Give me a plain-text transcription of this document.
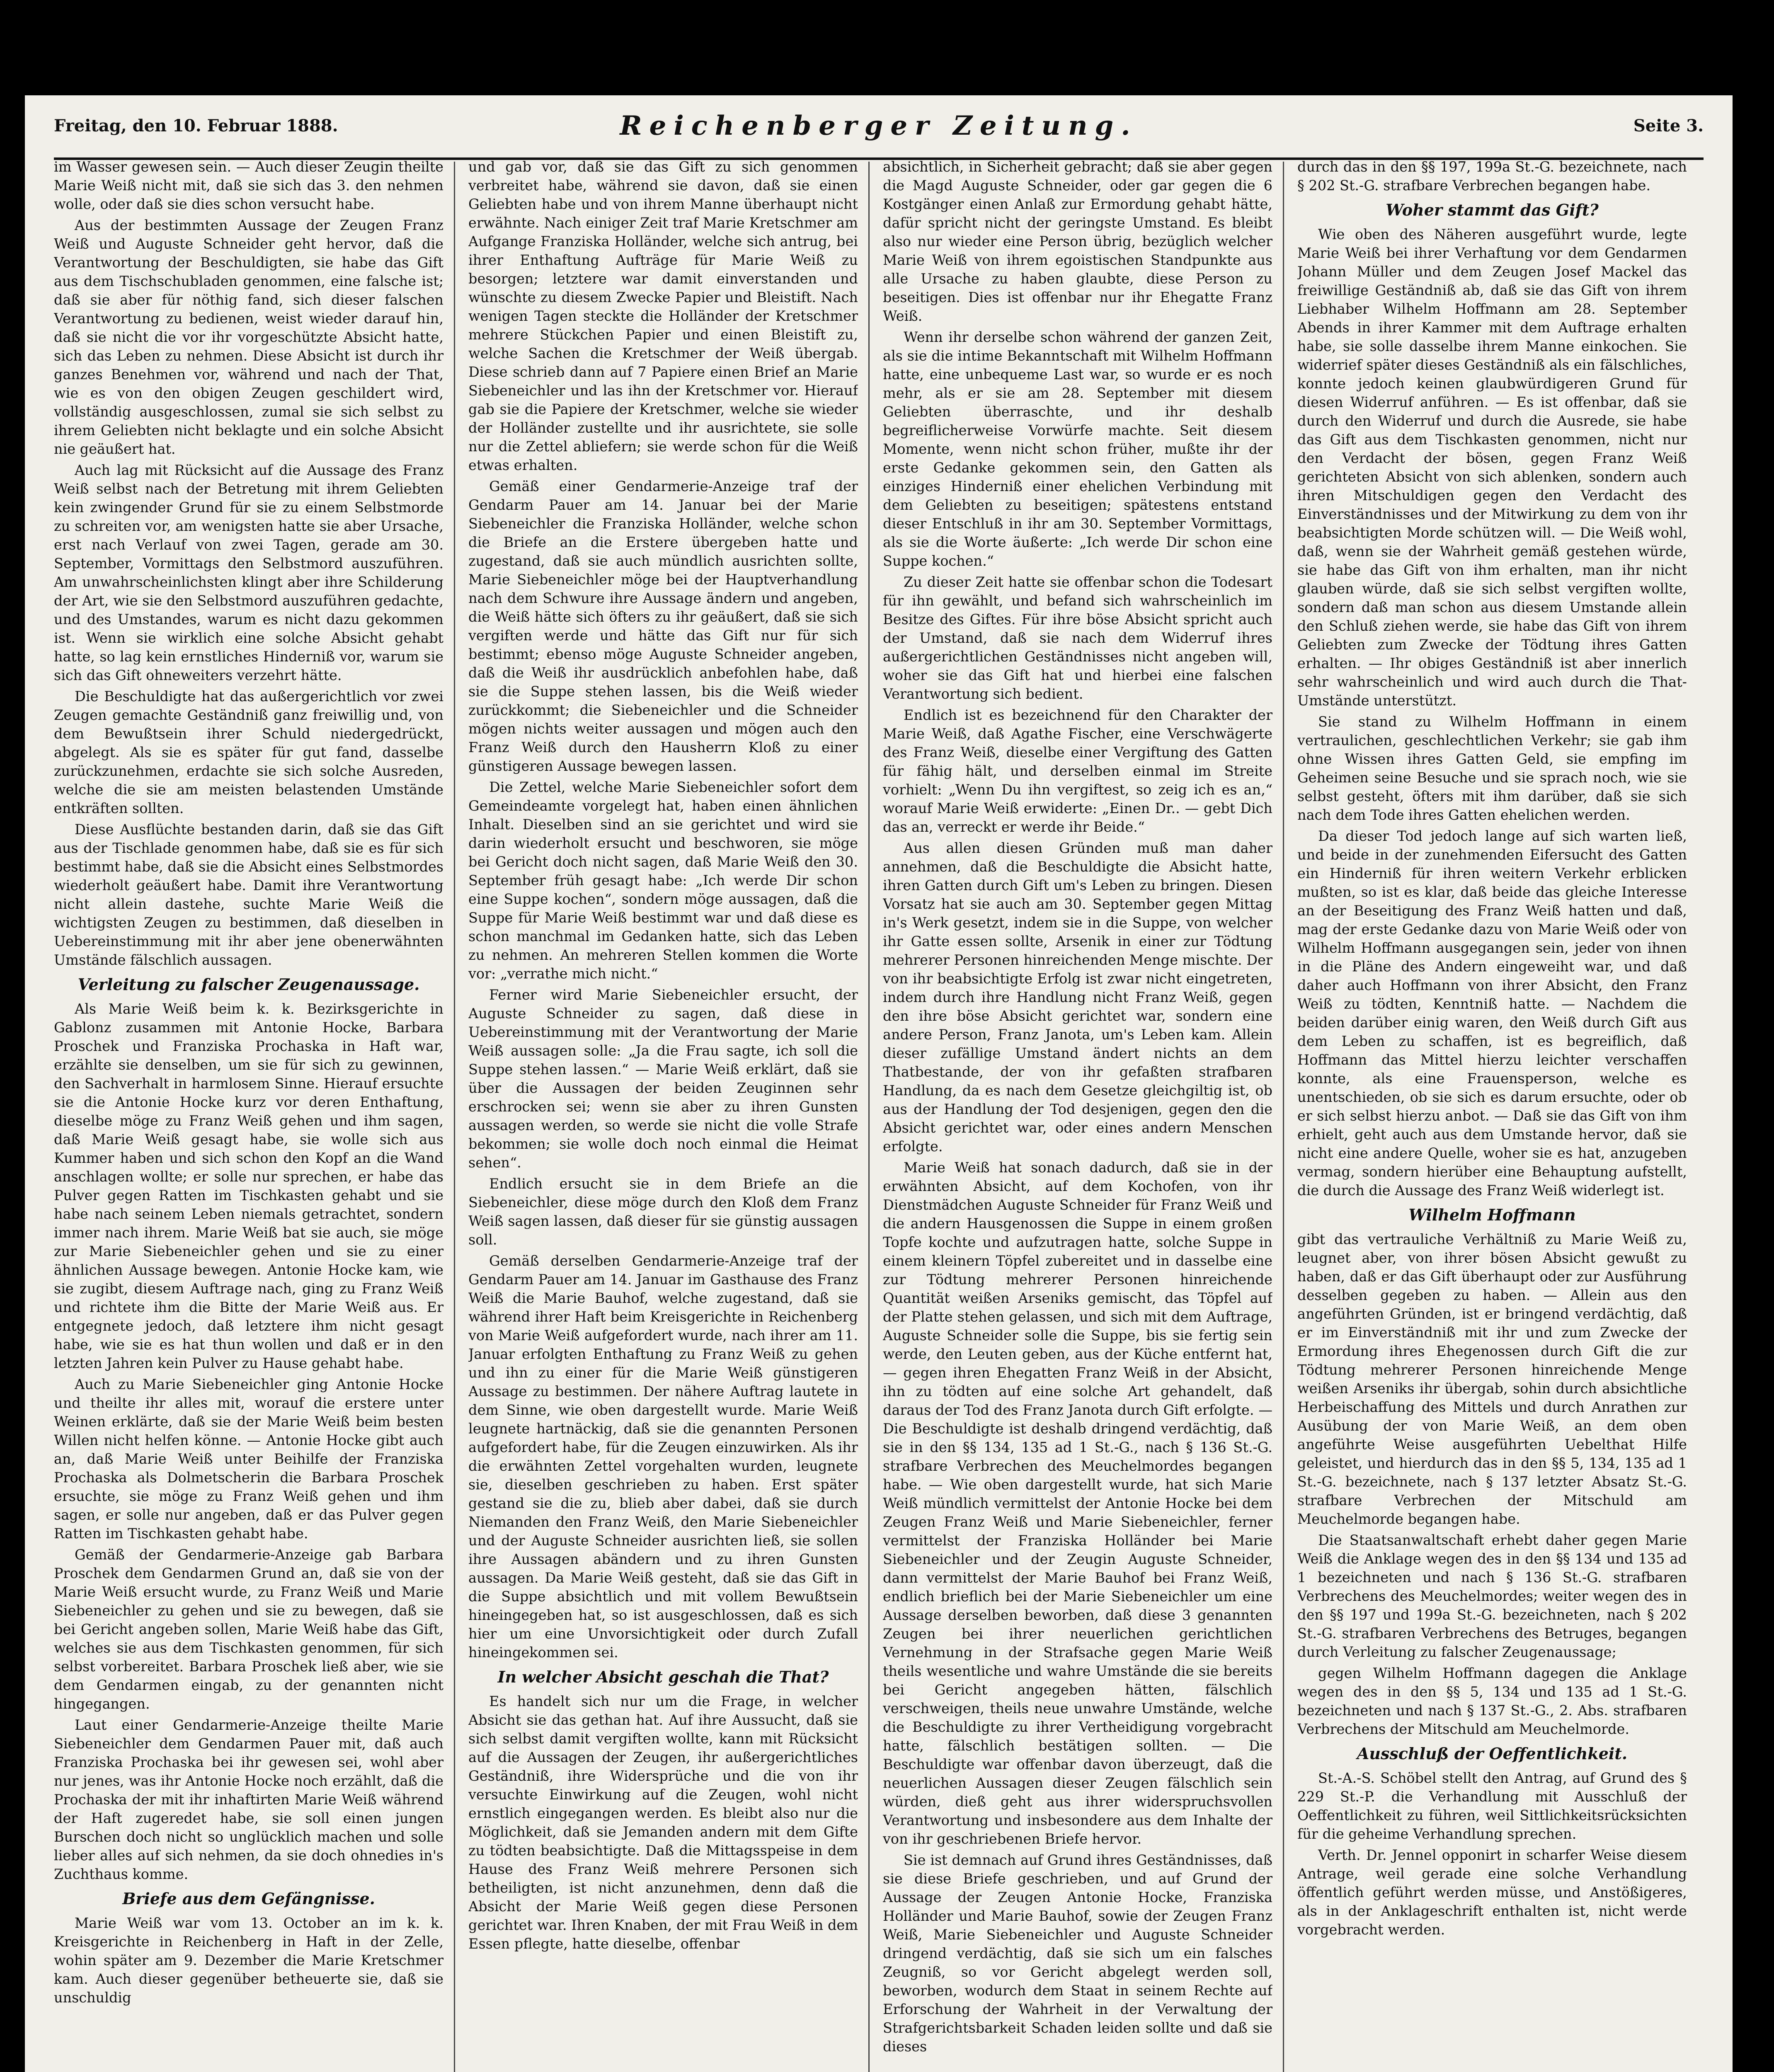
Freitag, den 10. Februar 1888.	Reichenberger Zeitung.	Seite 3.

im Wasser gewesen sein. — Auch dieser Zeugin theilte Marie Weiß nicht mit, daß sie sich das 3. den nehmen wolle, oder daß sie dies schon versucht habe.

Aus der bestimmten Aussage der Zeugen Franz Weiß und Auguste Schneider geht hervor, daß die Verantwortung der Beschuldigten, sie habe das Gift aus dem Tischschubladen genommen, eine falsche ist; daß sie aber für nöthig fand, sich dieser falschen Verantwortung zu bedienen, weist wieder darauf hin, daß sie nicht die vor ihr vorgeschützte Absicht hatte, sich das Leben zu nehmen. Diese Absicht ist durch ihr ganzes Benehmen vor, während und nach der That, wie es von den obigen Zeugen geschildert wird, vollständig ausgeschlossen, zumal sie sich selbst zu ihrem Geliebten nicht beklagte und ein solche Absicht nie geäußert hat.

Auch lag mit Rücksicht auf die Aussage des Franz Weiß selbst nach der Betretung mit ihrem Geliebten kein zwingender Grund für sie zu einem Selbstmorde zu schreiten vor, am wenigsten hatte sie aber Ursache, erst nach Verlauf von zwei Tagen, gerade am 30. September, Vormittags den Selbstmord auszuführen. Am unwahrscheinlichsten klingt aber ihre Schilderung der Art, wie sie den Selbstmord auszuführen gedachte, und des Umstandes, warum es nicht dazu gekommen ist. Wenn sie wirklich eine solche Absicht gehabt hatte, so lag kein ernstliches Hinderniß vor, warum sie sich das Gift ohneweiters verzehrt hätte.

Die Beschuldigte hat das außergerichtlich vor zwei Zeugen gemachte Geständniß ganz freiwillig und, von dem Bewußtsein ihrer Schuld niedergedrückt, abgelegt. Als sie es später für gut fand, dasselbe zurückzunehmen, erdachte sie sich solche Ausreden, welche die sie am meisten belastenden Umstände entkräften sollten.

Diese Ausflüchte bestanden darin, daß sie das Gift aus der Tischlade genommen habe, daß sie es für sich bestimmt habe, daß sie die Absicht eines Selbstmordes wiederholt geäußert habe. Damit ihre Verantwortung nicht allein dastehe, suchte Marie Weiß die wichtigsten Zeugen zu bestimmen, daß dieselben in Uebereinstimmung mit ihr aber jene obenerwähnten Umstände fälschlich aussagen.

Verleitung zu falscher Zeugenaussage.

Als Marie Weiß beim k. k. Bezirksgerichte in Gablonz zusammen mit Antonie Hocke, Barbara Proschek und Franziska Prochaska in Haft war, erzählte sie denselben, um sie für sich zu gewinnen, den Sachverhalt in harmlosem Sinne. Hierauf ersuchte sie die Antonie Hocke kurz vor deren Enthaftung, dieselbe möge zu Franz Weiß gehen und ihm sagen, daß Marie Weiß gesagt habe, sie wolle sich aus Kummer haben und sich schon den Kopf an die Wand anschlagen wollte; er solle nur sprechen, er habe das Pulver gegen Ratten im Tischkasten gehabt und sie habe nach seinem Leben niemals getrachtet, sondern immer nach ihrem. Marie Weiß bat sie auch, sie möge zur Marie Siebeneichler gehen und sie zu einer ähnlichen Aussage bewegen. Antonie Hocke kam, wie sie zugibt, diesem Auftrage nach, ging zu Franz Weiß und richtete ihm die Bitte der Marie Weiß aus. Er entgegnete jedoch, daß letztere ihm nicht gesagt habe, wie sie es hat thun wollen und daß er in den letzten Jahren kein Pulver zu Hause gehabt habe.

Auch zu Marie Siebeneichler ging Antonie Hocke und theilte ihr alles mit, worauf die erstere unter Weinen erklärte, daß sie der Marie Weiß beim besten Willen nicht helfen könne. — Antonie Hocke gibt auch an, daß Marie Weiß unter Beihilfe der Franziska Prochaska als Dolmetscherin die Barbara Proschek ersuchte, sie möge zu Franz Weiß gehen und ihm sagen, er solle nur angeben, daß er das Pulver gegen Ratten im Tischkasten gehabt habe.

Gemäß der Gendarmerie-Anzeige gab Barbara Proschek dem Gendarmen Grund an, daß sie von der Marie Weiß ersucht wurde, zu Franz Weiß und Marie Siebeneichler zu gehen und sie zu bewegen, daß sie bei Gericht angeben sollen, Marie Weiß habe das Gift, welches sie aus dem Tischkasten genommen, für sich selbst vorbereitet. Barbara Proschek ließ aber, wie sie dem Gendarmen eingab, zu der genannten nicht hingegangen.

Laut einer Gendarmerie-Anzeige theilte Marie Siebeneichler dem Gendarmen Pauer mit, daß auch Franziska Prochaska bei ihr gewesen sei, wohl aber nur jenes, was ihr Antonie Hocke noch erzählt, daß die Prochaska der mit ihr inhaftirten Marie Weiß während der Haft zugeredet habe, sie soll einen jungen Burschen doch nicht so unglücklich machen und solle lieber alles auf sich nehmen, da sie doch ohnedies in's Zuchthaus komme.

Briefe aus dem Gefängnisse.

Marie Weiß war vom 13. October an im k. k. Kreisgerichte in Reichenberg in Haft in der Zelle, wohin später am 9. Dezember die Marie Kretschmer kam. Auch dieser gegenüber betheuerte sie, daß sie unschuldig

und gab vor, daß sie das Gift zu sich genommen verbreitet habe, während sie davon, daß sie einen Geliebten habe und von ihrem Manne überhaupt nicht erwähnte. Nach einiger Zeit traf Marie Kretschmer am Aufgange Franziska Holländer, welche sich antrug, bei ihrer Enthaftung Aufträge für Marie Weiß zu besorgen; letztere war damit einverstanden und wünschte zu diesem Zwecke Papier und Bleistift. Nach wenigen Tagen steckte die Holländer der Kretschmer mehrere Stückchen Papier und einen Bleistift zu, welche Sachen die Kretschmer der Weiß übergab. Diese schrieb dann auf 7 Papiere einen Brief an Marie Siebeneichler und las ihn der Kretschmer vor. Hierauf gab sie die Papiere der Kretschmer, welche sie wieder der Holländer zustellte und ihr ausrichtete, sie solle nur die Zettel abliefern; sie werde schon für die Weiß etwas erhalten.

Gemäß einer Gendarmerie-Anzeige traf der Gendarm Pauer am 14. Januar bei der Marie Siebeneichler die Franziska Holländer, welche schon die Briefe an die Erstere übergeben hatte und zugestand, daß sie auch mündlich ausrichten sollte, Marie Siebeneichler möge bei der Hauptverhandlung nach dem Schwure ihre Aussage ändern und angeben, die Weiß hätte sich öfters zu ihr geäußert, daß sie sich vergiften werde und hätte das Gift nur für sich bestimmt; ebenso möge Auguste Schneider angeben, daß die Weiß ihr ausdrücklich anbefohlen habe, daß sie die Suppe stehen lassen, bis die Weiß wieder zurückkommt; die Siebeneichler und die Schneider mögen nichts weiter aussagen und mögen auch den Franz Weiß durch den Hausherrn Kloß zu einer günstigeren Aussage bewegen lassen.

Die Zettel, welche Marie Siebeneichler sofort dem Gemeindeamte vorgelegt hat, haben einen ähnlichen Inhalt. Dieselben sind an sie gerichtet und wird sie darin wiederholt ersucht und beschworen, sie möge bei Gericht doch nicht sagen, daß Marie Weiß den 30. September früh gesagt habe: „Ich werde Dir schon eine Suppe kochen“, sondern möge aussagen, daß die Suppe für Marie Weiß bestimmt war und daß diese es schon manchmal im Gedanken hatte, sich das Leben zu nehmen. An mehreren Stellen kommen die Worte vor: „verrathe mich nicht.“

Ferner wird Marie Siebeneichler ersucht, der Auguste Schneider zu sagen, daß diese in Uebereinstimmung mit der Verantwortung der Marie Weiß aussagen solle: „Ja die Frau sagte, ich soll die Suppe stehen lassen.“ — Marie Weiß erklärt, daß sie über die Aussagen der beiden Zeuginnen sehr erschrocken sei; wenn sie aber zu ihren Gunsten aussagen werden, so werde sie nicht die volle Strafe bekommen; sie wolle doch noch einmal die Heimat sehen“.

Endlich ersucht sie in dem Briefe an die Siebeneichler, diese möge durch den Kloß dem Franz Weiß sagen lassen, daß dieser für sie günstig aussagen soll.

Gemäß derselben Gendarmerie-Anzeige traf der Gendarm Pauer am 14. Januar im Gasthause des Franz Weiß die Marie Bauhof, welche zugestand, daß sie während ihrer Haft beim Kreisgerichte in Reichenberg von Marie Weiß aufgefordert wurde, nach ihrer am 11. Januar erfolgten Enthaftung zu Franz Weiß zu gehen und ihn zu einer für die Marie Weiß günstigeren Aussage zu bestimmen. Der nähere Auftrag lautete in dem Sinne, wie oben dargestellt wurde. Marie Weiß leugnete hartnäckig, daß sie die genannten Personen aufgefordert habe, für die Zeugen einzuwirken. Als ihr die erwähnten Zettel vorgehalten wurden, leugnete sie, dieselben geschrieben zu haben. Erst später gestand sie die zu, blieb aber dabei, daß sie durch Niemanden den Franz Weiß, den Marie Siebeneichler und der Auguste Schneider ausrichten ließ, sie sollen ihre Aussagen abändern und zu ihren Gunsten aussagen. Da Marie Weiß gesteht, daß sie das Gift in die Suppe absichtlich und mit vollem Bewußtsein hineingegeben hat, so ist ausgeschlossen, daß es sich hier um eine Unvorsichtigkeit oder durch Zufall hineingekommen sei.

In welcher Absicht geschah die That?

Es handelt sich nur um die Frage, in welcher Absicht sie das gethan hat. Auf ihre Aussucht, daß sie sich selbst damit vergiften wollte, kann mit Rücksicht auf die Aussagen der Zeugen, ihr außergerichtliches Geständniß, ihre Widersprüche und die von ihr versuchte Einwirkung auf die Zeugen, wohl nicht ernstlich eingegangen werden. Es bleibt also nur die Möglichkeit, daß sie Jemanden andern mit dem Gifte zu tödten beabsichtigte. Daß die Mittagsspeise in dem Hause des Franz Weiß mehrere Personen sich betheiligten, ist nicht anzunehmen, denn daß die Absicht der Marie Weiß gegen diese Personen gerichtet war. Ihren Knaben, der mit Frau Weiß in dem Essen pflegte, hatte dieselbe, offenbar

absichtlich, in Sicherheit gebracht; daß sie aber gegen die Magd Auguste Schneider, oder gar gegen die 6 Kostgänger einen Anlaß zur Ermordung gehabt hätte, dafür spricht nicht der geringste Umstand. Es bleibt also nur wieder eine Person übrig, bezüglich welcher Marie Weiß von ihrem egoistischen Standpunkte aus alle Ursache zu haben glaubte, diese Person zu beseitigen. Dies ist offenbar nur ihr Ehegatte Franz Weiß.

Wenn ihr derselbe schon während der ganzen Zeit, als sie die intime Bekanntschaft mit Wilhelm Hoffmann hatte, eine unbequeme Last war, so wurde er es noch mehr, als er sie am 28. September mit diesem Geliebten überraschte, und ihr deshalb begreiflicherweise Vorwürfe machte. Seit diesem Momente, wenn nicht schon früher, mußte ihr der erste Gedanke gekommen sein, den Gatten als einziges Hinderniß einer ehelichen Verbindung mit dem Geliebten zu beseitigen; spätestens entstand dieser Entschluß in ihr am 30. September Vormittags, als sie die Worte äußerte: „Ich werde Dir schon eine Suppe kochen.“

Zu dieser Zeit hatte sie offenbar schon die Todesart für ihn gewählt, und befand sich wahrscheinlich im Besitze des Giftes. Für ihre böse Absicht spricht auch der Umstand, daß sie nach dem Widerruf ihres außergerichtlichen Geständnisses nicht angeben will, woher sie das Gift hat und hierbei eine falschen Verantwortung sich bedient.

Endlich ist es bezeichnend für den Charakter der Marie Weiß, daß Agathe Fischer, eine Verschwägerte des Franz Weiß, dieselbe einer Vergiftung des Gatten für fähig hält, und derselben einmal im Streite vorhielt: „Wenn Du ihn vergiftest, so zeig ich es an,“ worauf Marie Weiß erwiderte: „Einen Dr.. — gebt Dich das an, verreckt er werde ihr Beide.“

Aus allen diesen Gründen muß man daher annehmen, daß die Beschuldigte die Absicht hatte, ihren Gatten durch Gift um's Leben zu bringen. Diesen Vorsatz hat sie auch am 30. September gegen Mittag in's Werk gesetzt, indem sie in die Suppe, von welcher ihr Gatte essen sollte, Arsenik in einer zur Tödtung mehrerer Personen hinreichenden Menge mischte. Der von ihr beabsichtigte Erfolg ist zwar nicht eingetreten, indem durch ihre Handlung nicht Franz Weiß, gegen den ihre böse Absicht gerichtet war, sondern eine andere Person, Franz Janota, um's Leben kam. Allein dieser zufällige Umstand ändert nichts an dem Thatbestande, der von ihr gefaßten strafbaren Handlung, da es nach dem Gesetze gleichgiltig ist, ob aus der Handlung der Tod desjenigen, gegen den die Absicht gerichtet war, oder eines andern Menschen erfolgte.

Marie Weiß hat sonach dadurch, daß sie in der erwähnten Absicht, auf dem Kochofen, von ihr Dienstmädchen Auguste Schneider für Franz Weiß und die andern Hausgenossen die Suppe in einem großen Topfe kochte und aufzutragen hatte, solche Suppe in einem kleinern Töpfel zubereitet und in dasselbe eine zur Tödtung mehrerer Personen hinreichende Quantität weißen Arseniks gemischt, das Töpfel auf der Platte stehen gelassen, und sich mit dem Auftrage, Auguste Schneider solle die Suppe, bis sie fertig sein werde, den Leuten geben, aus der Küche entfernt hat, — gegen ihren Ehegatten Franz Weiß in der Absicht, ihn zu tödten auf eine solche Art gehandelt, daß daraus der Tod des Franz Janota durch Gift erfolgte. — Die Beschuldigte ist deshalb dringend verdächtig, daß sie in den §§ 134, 135 ad 1 St.-G., nach § 136 St.-G. strafbare Verbrechen des Meuchelmordes begangen habe. — Wie oben dargestellt wurde, hat sich Marie Weiß mündlich vermittelst der Antonie Hocke bei dem Zeugen Franz Weiß und Marie Siebeneichler, ferner vermittelst der Franziska Holländer bei Marie Siebeneichler und der Zeugin Auguste Schneider, dann vermittelst der Marie Bauhof bei Franz Weiß, endlich brieflich bei der Marie Siebeneichler um eine Aussage derselben beworben, daß diese 3 genannten Zeugen bei ihrer neuerlichen gerichtlichen Vernehmung in der Strafsache gegen Marie Weiß theils wesentliche und wahre Umstände die sie bereits bei Gericht angegeben hätten, fälschlich verschweigen, theils neue unwahre Umstände, welche die Beschuldigte zu ihrer Vertheidigung vorgebracht hatte, fälschlich bestätigen sollten. — Die Beschuldigte war offenbar davon überzeugt, daß die neuerlichen Aussagen dieser Zeugen fälschlich sein würden, dieß geht aus ihrer widerspruchsvollen Verantwortung und insbesondere aus dem Inhalte der von ihr geschriebenen Briefe hervor.

Sie ist demnach auf Grund ihres Geständnisses, daß sie diese Briefe geschrieben, und auf Grund der Aussage der Zeugen Antonie Hocke, Franziska Holländer und Marie Bauhof, sowie der Zeugen Franz Weiß, Marie Siebeneichler und Auguste Schneider dringend verdächtig, daß sie sich um ein falsches Zeugniß, so vor Gericht abgelegt werden soll, beworben, wodurch dem Staat in seinem Rechte auf Erforschung der Wahrheit in der Verwaltung der Strafgerichtsbarkeit Schaden leiden sollte und daß sie dieses

durch das in den §§ 197, 199a St.-G. bezeichnete, nach § 202 St.-G. strafbare Verbrechen begangen habe.

Woher stammt das Gift?

Wie oben des Näheren ausgeführt wurde, legte Marie Weiß bei ihrer Verhaftung vor dem Gendarmen Johann Müller und dem Zeugen Josef Mackel das freiwillige Geständniß ab, daß sie das Gift von ihrem Liebhaber Wilhelm Hoffmann am 28. September Abends in ihrer Kammer mit dem Auftrage erhalten habe, sie solle dasselbe ihrem Manne einkochen. Sie widerrief später dieses Geständniß als ein fälschliches, konnte jedoch keinen glaubwürdigeren Grund für diesen Widerruf anführen. — Es ist offenbar, daß sie durch den Widerruf und durch die Ausrede, sie habe das Gift aus dem Tischkasten genommen, nicht nur den Verdacht der bösen, gegen Franz Weiß gerichteten Absicht von sich ablenken, sondern auch ihren Mitschuldigen gegen den Verdacht des Einverständnisses und der Mitwirkung zu dem von ihr beabsichtigten Morde schützen will. — Die Weiß wohl, daß, wenn sie der Wahrheit gemäß gestehen würde, sie habe das Gift von ihm erhalten, man ihr nicht glauben würde, daß sie sich selbst vergiften wollte, sondern daß man schon aus diesem Umstande allein den Schluß ziehen werde, sie habe das Gift von ihrem Geliebten zum Zwecke der Tödtung ihres Gatten erhalten. — Ihr obiges Geständniß ist aber innerlich sehr wahrscheinlich und wird auch durch die That-Umstände unterstützt.

Sie stand zu Wilhelm Hoffmann in einem vertraulichen, geschlechtlichen Verkehr; sie gab ihm ohne Wissen ihres Gatten Geld, sie empfing im Geheimen seine Besuche und sie sprach noch, wie sie selbst gesteht, öfters mit ihm darüber, daß sie sich nach dem Tode ihres Gatten ehelichen werden.

Da dieser Tod jedoch lange auf sich warten ließ, und beide in der zunehmenden Eifersucht des Gatten ein Hinderniß für ihren weitern Verkehr erblicken mußten, so ist es klar, daß beide das gleiche Interesse an der Beseitigung des Franz Weiß hatten und daß, mag der erste Gedanke dazu von Marie Weiß oder von Wilhelm Hoffmann ausgegangen sein, jeder von ihnen in die Pläne des Andern eingeweiht war, und daß daher auch Hoffmann von ihrer Absicht, den Franz Weiß zu tödten, Kenntniß hatte. — Nachdem die beiden darüber einig waren, den Weiß durch Gift aus dem Leben zu schaffen, ist es begreiflich, daß Hoffmann das Mittel hierzu leichter verschaffen konnte, als eine Frauensperson, welche es unentschieden, ob sie sich es darum ersuchte, oder ob er sich selbst hierzu anbot. — Daß sie das Gift von ihm erhielt, geht auch aus dem Umstande hervor, daß sie nicht eine andere Quelle, woher sie es hat, anzugeben vermag, sondern hierüber eine Behauptung aufstellt, die durch die Aussage des Franz Weiß widerlegt ist.

Wilhelm Hoffmann

gibt das vertrauliche Verhältniß zu Marie Weiß zu, leugnet aber, von ihrer bösen Absicht gewußt zu haben, daß er das Gift überhaupt oder zur Ausführung desselben gegeben zu haben. — Allein aus den angeführten Gründen, ist er bringend verdächtig, daß er im Einverständniß mit ihr und zum Zwecke der Ermordung ihres Ehegenossen durch Gift die zur Tödtung mehrerer Personen hinreichende Menge weißen Arseniks ihr übergab, sohin durch absichtliche Herbeischaffung des Mittels und durch Anrathen zur Ausübung der von Marie Weiß, an dem oben angeführte Weise ausgeführten Uebelthat Hilfe geleistet, und hierdurch das in den §§ 5, 134, 135 ad 1 St.-G. bezeichnete, nach § 137 letzter Absatz St.-G. strafbare Verbrechen der Mitschuld am Meuchelmorde begangen habe.

Die Staatsanwaltschaft erhebt daher gegen Marie Weiß die Anklage wegen des in den §§ 134 und 135 ad 1 bezeichneten und nach § 136 St.-G. strafbaren Verbrechens des Meuchelmordes; weiter wegen des in den §§ 197 und 199a St.-G. bezeichneten, nach § 202 St.-G. strafbaren Verbrechens des Betruges, begangen durch Verleitung zu falscher Zeugenaussage;

gegen Wilhelm Hoffmann dagegen die Anklage wegen des in den §§ 5, 134 und 135 ad 1 St.-G. bezeichneten und nach § 137 St.-G., 2. Abs. strafbaren Verbrechens der Mitschuld am Meuchelmorde.

Ausschluß der Oeffentlichkeit.

St.-A.-S. Schöbel stellt den Antrag, auf Grund des § 229 St.-P. die Verhandlung mit Ausschluß der Oeffentlichkeit zu führen, weil Sittlichkeitsrücksichten für die geheime Verhandlung sprechen.

Verth. Dr. Jennel opponirt in scharfer Weise diesem Antrage, weil gerade eine solche Verhandlung öffentlich geführt werden müsse, und Anstößigeres, als in der Anklageschrift enthalten ist, nicht werde vorgebracht werden.
